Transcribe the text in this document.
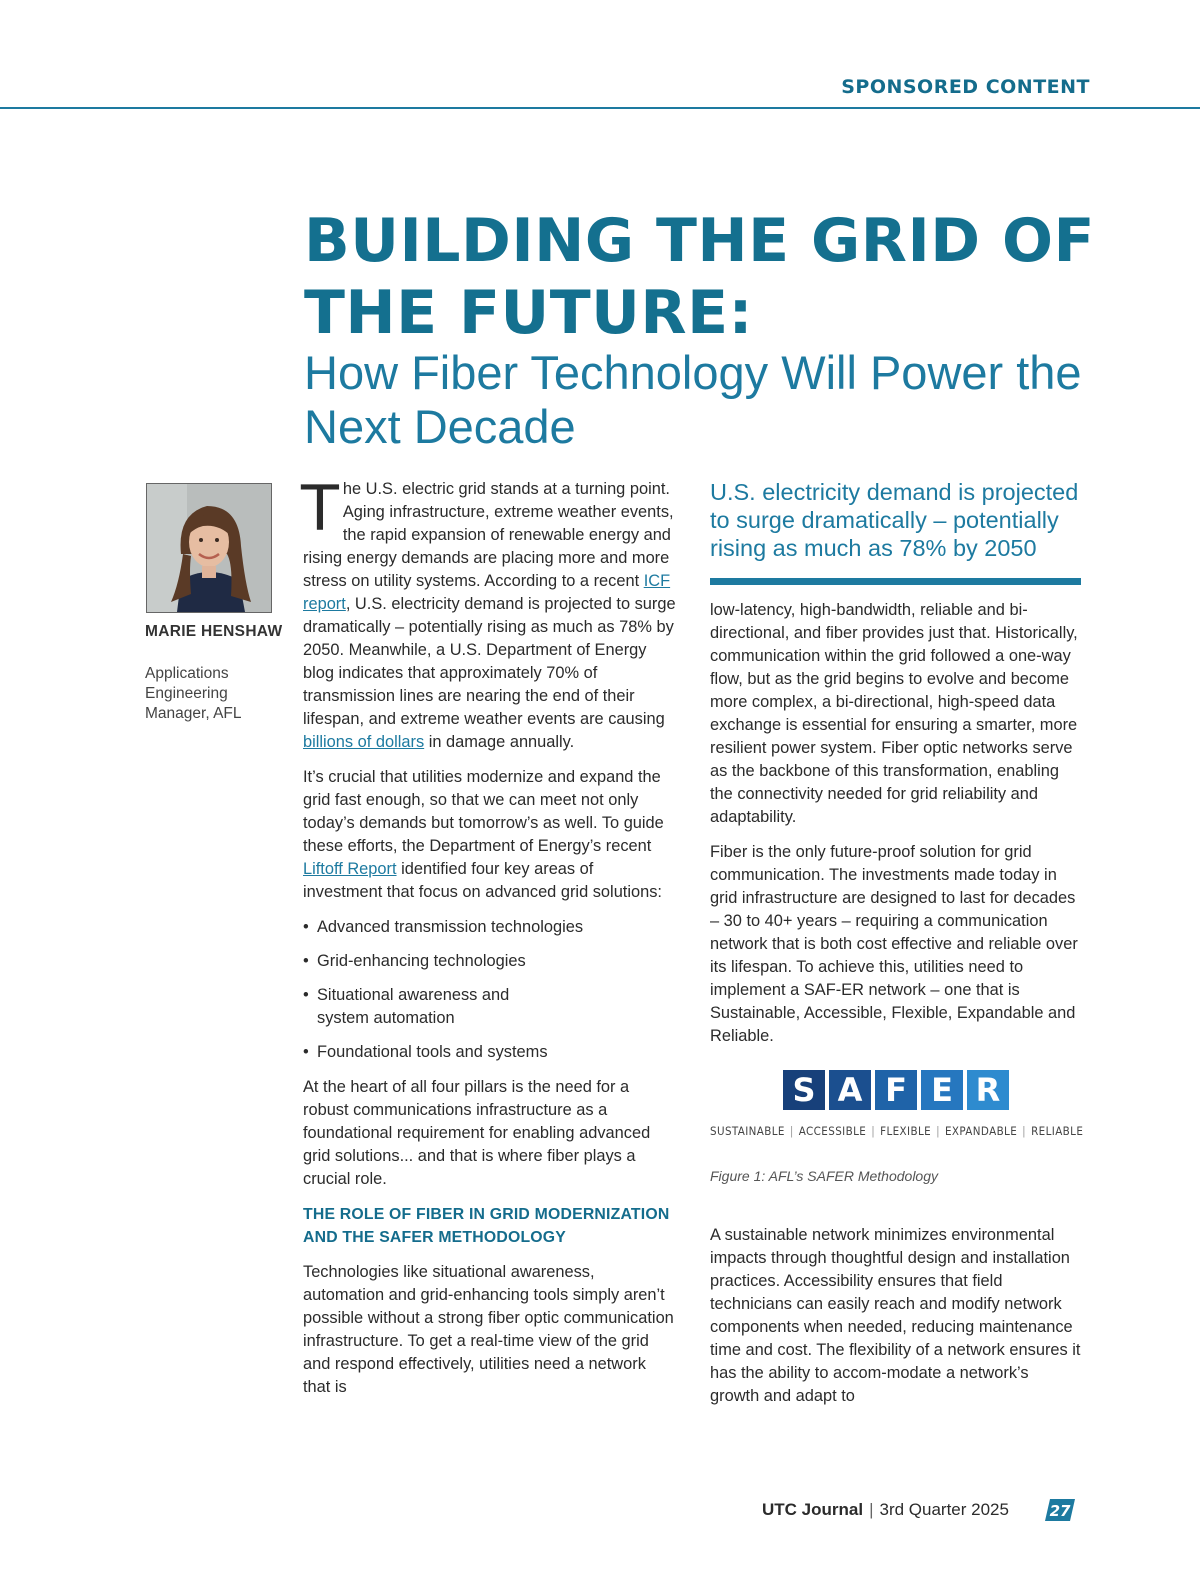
SPONSORED CONTENT
BUILDING THE GRID OF THE FUTURE:
How Fiber Technology Will Power the Next Decade
MARIE HENSHAW
Applications Engineering Manager, AFL

The U.S. electric grid stands at a turning point. Aging infrastructure, extreme weather events, the rapid expansion of renewable energy and rising energy demands are placing more and more stress on utility systems. According to a recent ICF report, U.S. electricity demand is projected to surge dramatically – potentially rising as much as 78% by 2050. Meanwhile, a U.S. Department of Energy blog indicates that approximately 70% of transmission lines are nearing the end of their lifespan, and extreme weather events are causing billions of dollars in damage annually.

It’s crucial that utilities modernize and expand the grid fast enough, so that we can meet not only today’s demands but tomorrow’s as well. To guide these efforts, the Department of Energy’s recent Liftoff Report identified four key areas of investment that focus on advanced grid solutions:

• Advanced transmission technologies
• Grid-enhancing technologies
• Situational awareness and system automation
• Foundational tools and systems

At the heart of all four pillars is the need for a robust communications infrastructure as a foundational requirement for enabling advanced grid solutions... and that is where fiber plays a crucial role.

THE ROLE OF FIBER IN GRID MODERNIZATION AND THE SAFER METHODOLOGY

Technologies like situational awareness, automation and grid-enhancing tools simply aren’t possible without a strong fiber optic communication infrastructure. To get a real-time view of the grid and respond effectively, utilities need a network that is

U.S. electricity demand is projected to surge dramatically – potentially rising as much as 78% by 2050

low-latency, high-bandwidth, reliable and bi-directional, and fiber provides just that. Historically, communication within the grid followed a one-way flow, but as the grid begins to evolve and become more complex, a bi-directional, high-speed data exchange is essential for ensuring a smarter, more resilient power system. Fiber optic networks serve as the backbone of this transformation, enabling the connectivity needed for grid reliability and adaptability.

Fiber is the only future-proof solution for grid communication. The investments made today in grid infrastructure are designed to last for decades – 30 to 40+ years – requiring a communication network that is both cost effective and reliable over its lifespan. To achieve this, utilities need to implement a SAF-ER network – one that is Sustainable, Accessible, Flexible, Expandable and Reliable.

S A F E R
SUSTAINABLE | ACCESSIBLE | FLEXIBLE | EXPANDABLE | RELIABLE
Figure 1: AFL’s SAFER Methodology

A sustainable network minimizes environmental impacts through thoughtful design and installation practices. Accessibility ensures that field technicians can easily reach and modify network components when needed, reducing maintenance time and cost. The flexibility of a network ensures it has the ability to accom-modate a network’s growth and adapt to

UTC Journal | 3rd Quarter 2025	27
